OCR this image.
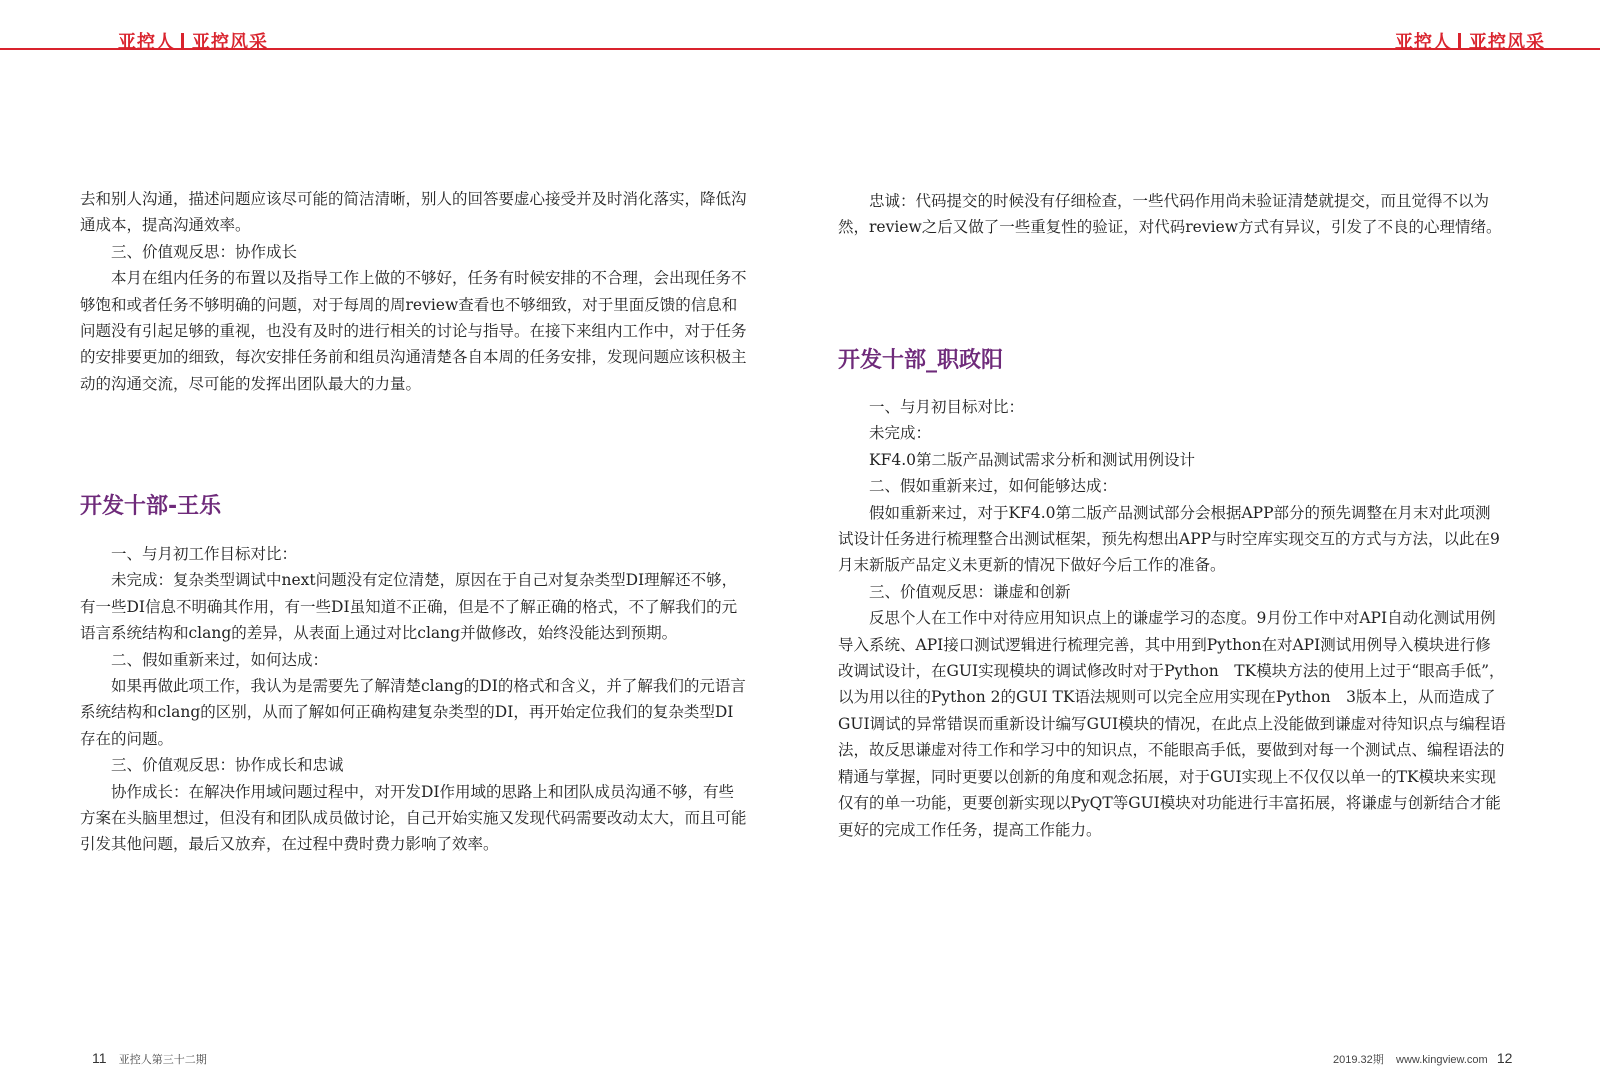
亚控人 亚控风采	亚控人 亚控风采

去和别人沟通，描述问题应该尽可能的简洁清晰，别人的回答要虚心接受并及时消化落实，降低沟通成本，提高沟通效率。

三、价值观反思：协作成长

本月在组内任务的布置以及指导工作上做的不够好，任务有时候安排的不合理，会出现任务不够饱和或者任务不够明确的问题，对于每周的周review查看也不够细致，对于里面反馈的信息和问题没有引起足够的重视，也没有及时的进行相关的讨论与指导。在接下来组内工作中，对于任务的安排要更加的细致，每次安排任务前和组员沟通清楚各自本周的任务安排，发现问题应该积极主动的沟通交流，尽可能的发挥出团队最大的力量。

开发十部-王乐

一、与月初工作目标对比：

未完成：复杂类型调试中next问题没有定位清楚，原因在于自己对复杂类型DI理解还不够，有一些DI信息不明确其作用，有一些DI虽知道不正确，但是不了解正确的格式，不了解我们的元语言系统结构和clang的差异，从表面上通过对比clang并做修改，始终没能达到预期。

二、假如重新来过，如何达成：

如果再做此项工作，我认为是需要先了解清楚clang的DI的格式和含义，并了解我们的元语言系统结构和clang的区别，从而了解如何正确构建复杂类型的DI，再开始定位我们的复杂类型DI存在的问题。

三、价值观反思：协作成长和忠诚

协作成长：在解决作用域问题过程中，对开发DI作用域的思路上和团队成员沟通不够，有些方案在头脑里想过，但没有和团队成员做讨论，自己开始实施又发现代码需要改动太大，而且可能引发其他问题，最后又放弃，在过程中费时费力影响了效率。

忠诚：代码提交的时候没有仔细检查，一些代码作用尚未验证清楚就提交，而且觉得不以为然，review之后又做了一些重复性的验证，对代码review方式有异议，引发了不良的心理情绪。

开发十部_职政阳

一、与月初目标对比：

未完成：

KF4.0第二版产品测试需求分析和测试用例设计

二、假如重新来过，如何能够达成：

假如重新来过，对于KF4.0第二版产品测试部分会根据APP部分的预先调整在月末对此项测试设计任务进行梳理整合出测试框架，预先构想出APP与时空库实现交互的方式与方法，以此在9月末新版产品定义未更新的情况下做好今后工作的准备。

三、价值观反思：谦虚和创新

反思个人在工作中对待应用知识点上的谦虚学习的态度。9月份工作中对API自动化测试用例导入系统、API接口测试逻辑进行梳理完善，其中用到Python在对API测试用例导入模块进行修改调试设计，在GUI实现模块的调试修改时对于Python　TK模块方法的使用上过于“眼高手低”，以为用以往的Python 2的GUI TK语法规则可以完全应用实现在Python　3版本上，从而造成了GUI调试的异常错误而重新设计编写GUI模块的情况，在此点上没能做到谦虚对待知识点与编程语法，故反思谦虚对待工作和学习中的知识点，不能眼高手低，要做到对每一个测试点、编程语法的精通与掌握，同时更要以创新的角度和观念拓展，对于GUI实现上不仅仅以单一的TK模块来实现仅有的单一功能，更要创新实现以PyQT等GUI模块对功能进行丰富拓展，将谦虚与创新结合才能更好的完成工作任务，提高工作能力。

11 亚控人第三十二期	2019.32期 www.kingview.com 12
